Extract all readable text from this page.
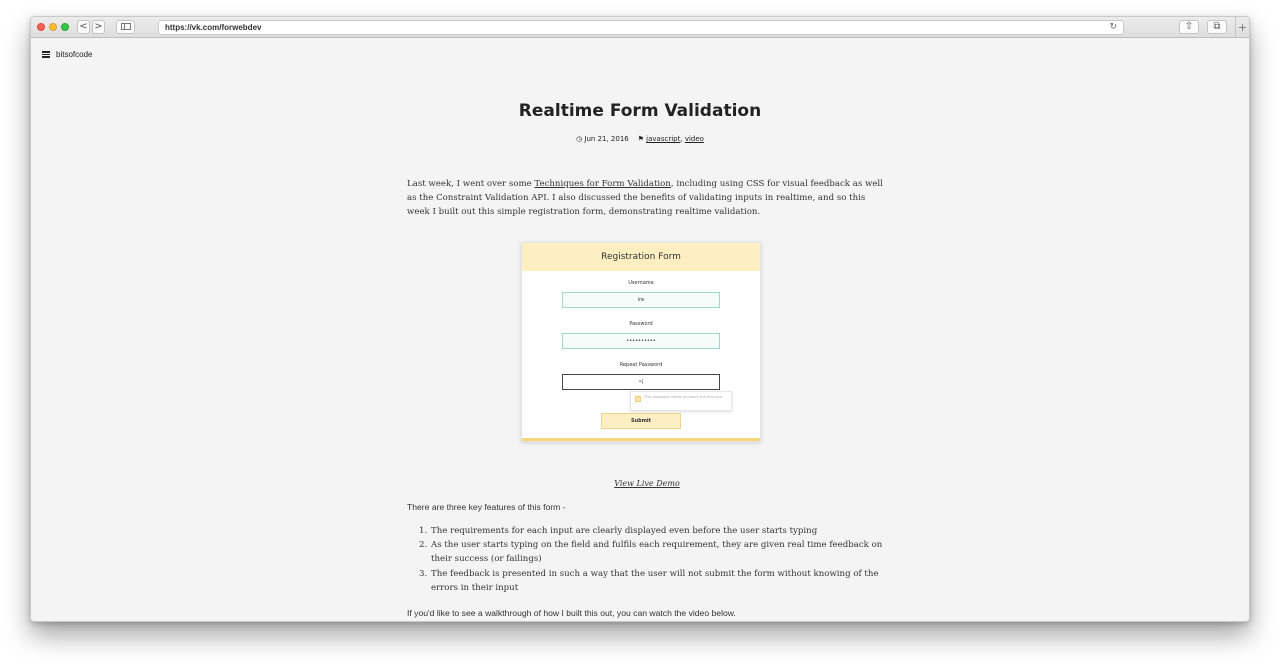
< >	https://vk.com/forwebdev	↻	⇧	⧉	+
bitsofcode
Realtime Form Validation
◷ Jun 21, 2016 ⚑ javascript, video

Last week, I went over some Techniques for Form Validation, including using CSS for visual feedback as well as the Constraint Validation API. I also discussed the benefits of validating inputs in realtime, and so this week I built out this simple registration form, demonstrating realtime validation.

Registration Form
Username
ire
Password
••••••••••
Repeat Password
•|
This password needs to match the first one
Submit
View Live Demo

There are three key features of this form -

1. The requirements for each input are clearly displayed even before the user starts typing
2. As the user starts typing on the field and fulfils each requirement, they are given real time feedback on their success (or failings)
3. The feedback is presented in such a way that the user will not submit the form without knowing of the errors in their input

If you'd like to see a walkthrough of how I built this out, you can watch the video below.
